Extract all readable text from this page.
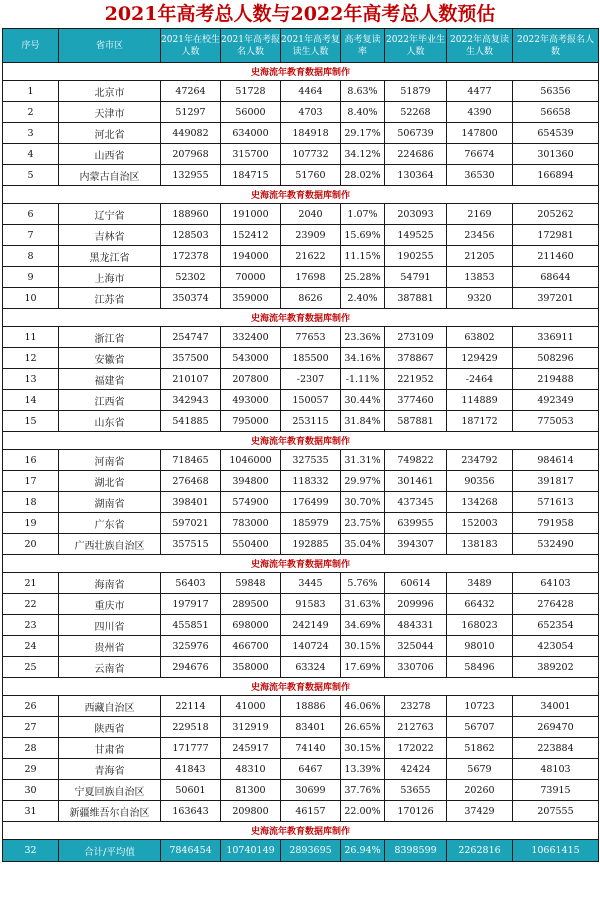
2021年高考总人数与2022年高考总人数预估
序号	省市区	2021年在校生人数	2021年高考报名人数	2021年高考复读生人数	高考复读率	2022年毕业生人数	2022年高复读生人数	2022年高考报名人数
史海流年教育数据库制作								
1	北京市	47264	51728	4464	8.63%	51879	4477	56356
2	天津市	51297	56000	4703	8.40%	52268	4390	56658
3	河北省	449082	634000	184918	29.17%	506739	147800	654539
4	山西省	207968	315700	107732	34.12%	224686	76674	301360
5	内蒙古自治区	132955	184715	51760	28.02%	130364	36530	166894
史海流年教育数据库制作								
6	辽宁省	188960	191000	2040	1.07%	203093	2169	205262
7	吉林省	128503	152412	23909	15.69%	149525	23456	172981
8	黑龙江省	172378	194000	21622	11.15%	190255	21205	211460
9	上海市	52302	70000	17698	25.28%	54791	13853	68644
10	江苏省	350374	359000	8626	2.40%	387881	9320	397201
史海流年教育数据库制作								
11	浙江省	254747	332400	77653	23.36%	273109	63802	336911
12	安徽省	357500	543000	185500	34.16%	378867	129429	508296
13	福建省	210107	207800	-2307	-1.11%	221952	-2464	219488
14	江西省	342943	493000	150057	30.44%	377460	114889	492349
15	山东省	541885	795000	253115	31.84%	587881	187172	775053
史海流年教育数据库制作								
16	河南省	718465	1046000	327535	31.31%	749822	234792	984614
17	湖北省	276468	394800	118332	29.97%	301461	90356	391817
18	湖南省	398401	574900	176499	30.70%	437345	134268	571613
19	广东省	597021	783000	185979	23.75%	639955	152003	791958
20	广西壮族自治区	357515	550400	192885	35.04%	394307	138183	532490
史海流年教育数据库制作								
21	海南省	56403	59848	3445	5.76%	60614	3489	64103
22	重庆市	197917	289500	91583	31.63%	209996	66432	276428
23	四川省	455851	698000	242149	34.69%	484331	168023	652354
24	贵州省	325976	466700	140724	30.15%	325044	98010	423054
25	云南省	294676	358000	63324	17.69%	330706	58496	389202
史海流年教育数据库制作								
26	西藏自治区	22114	41000	18886	46.06%	23278	10723	34001
27	陕西省	229518	312919	83401	26.65%	212763	56707	269470
28	甘肃省	171777	245917	74140	30.15%	172022	51862	223884
29	青海省	41843	48310	6467	13.39%	42424	5679	48103
30	宁夏回族自治区	50601	81300	30699	37.76%	53655	20260	73915
31	新疆维吾尔自治区	163643	209800	46157	22.00%	170126	37429	207555
史海流年教育数据库制作								
32	合计/平均值	7846454	10740149	2893695	26.94%	8398599	2262816	10661415
